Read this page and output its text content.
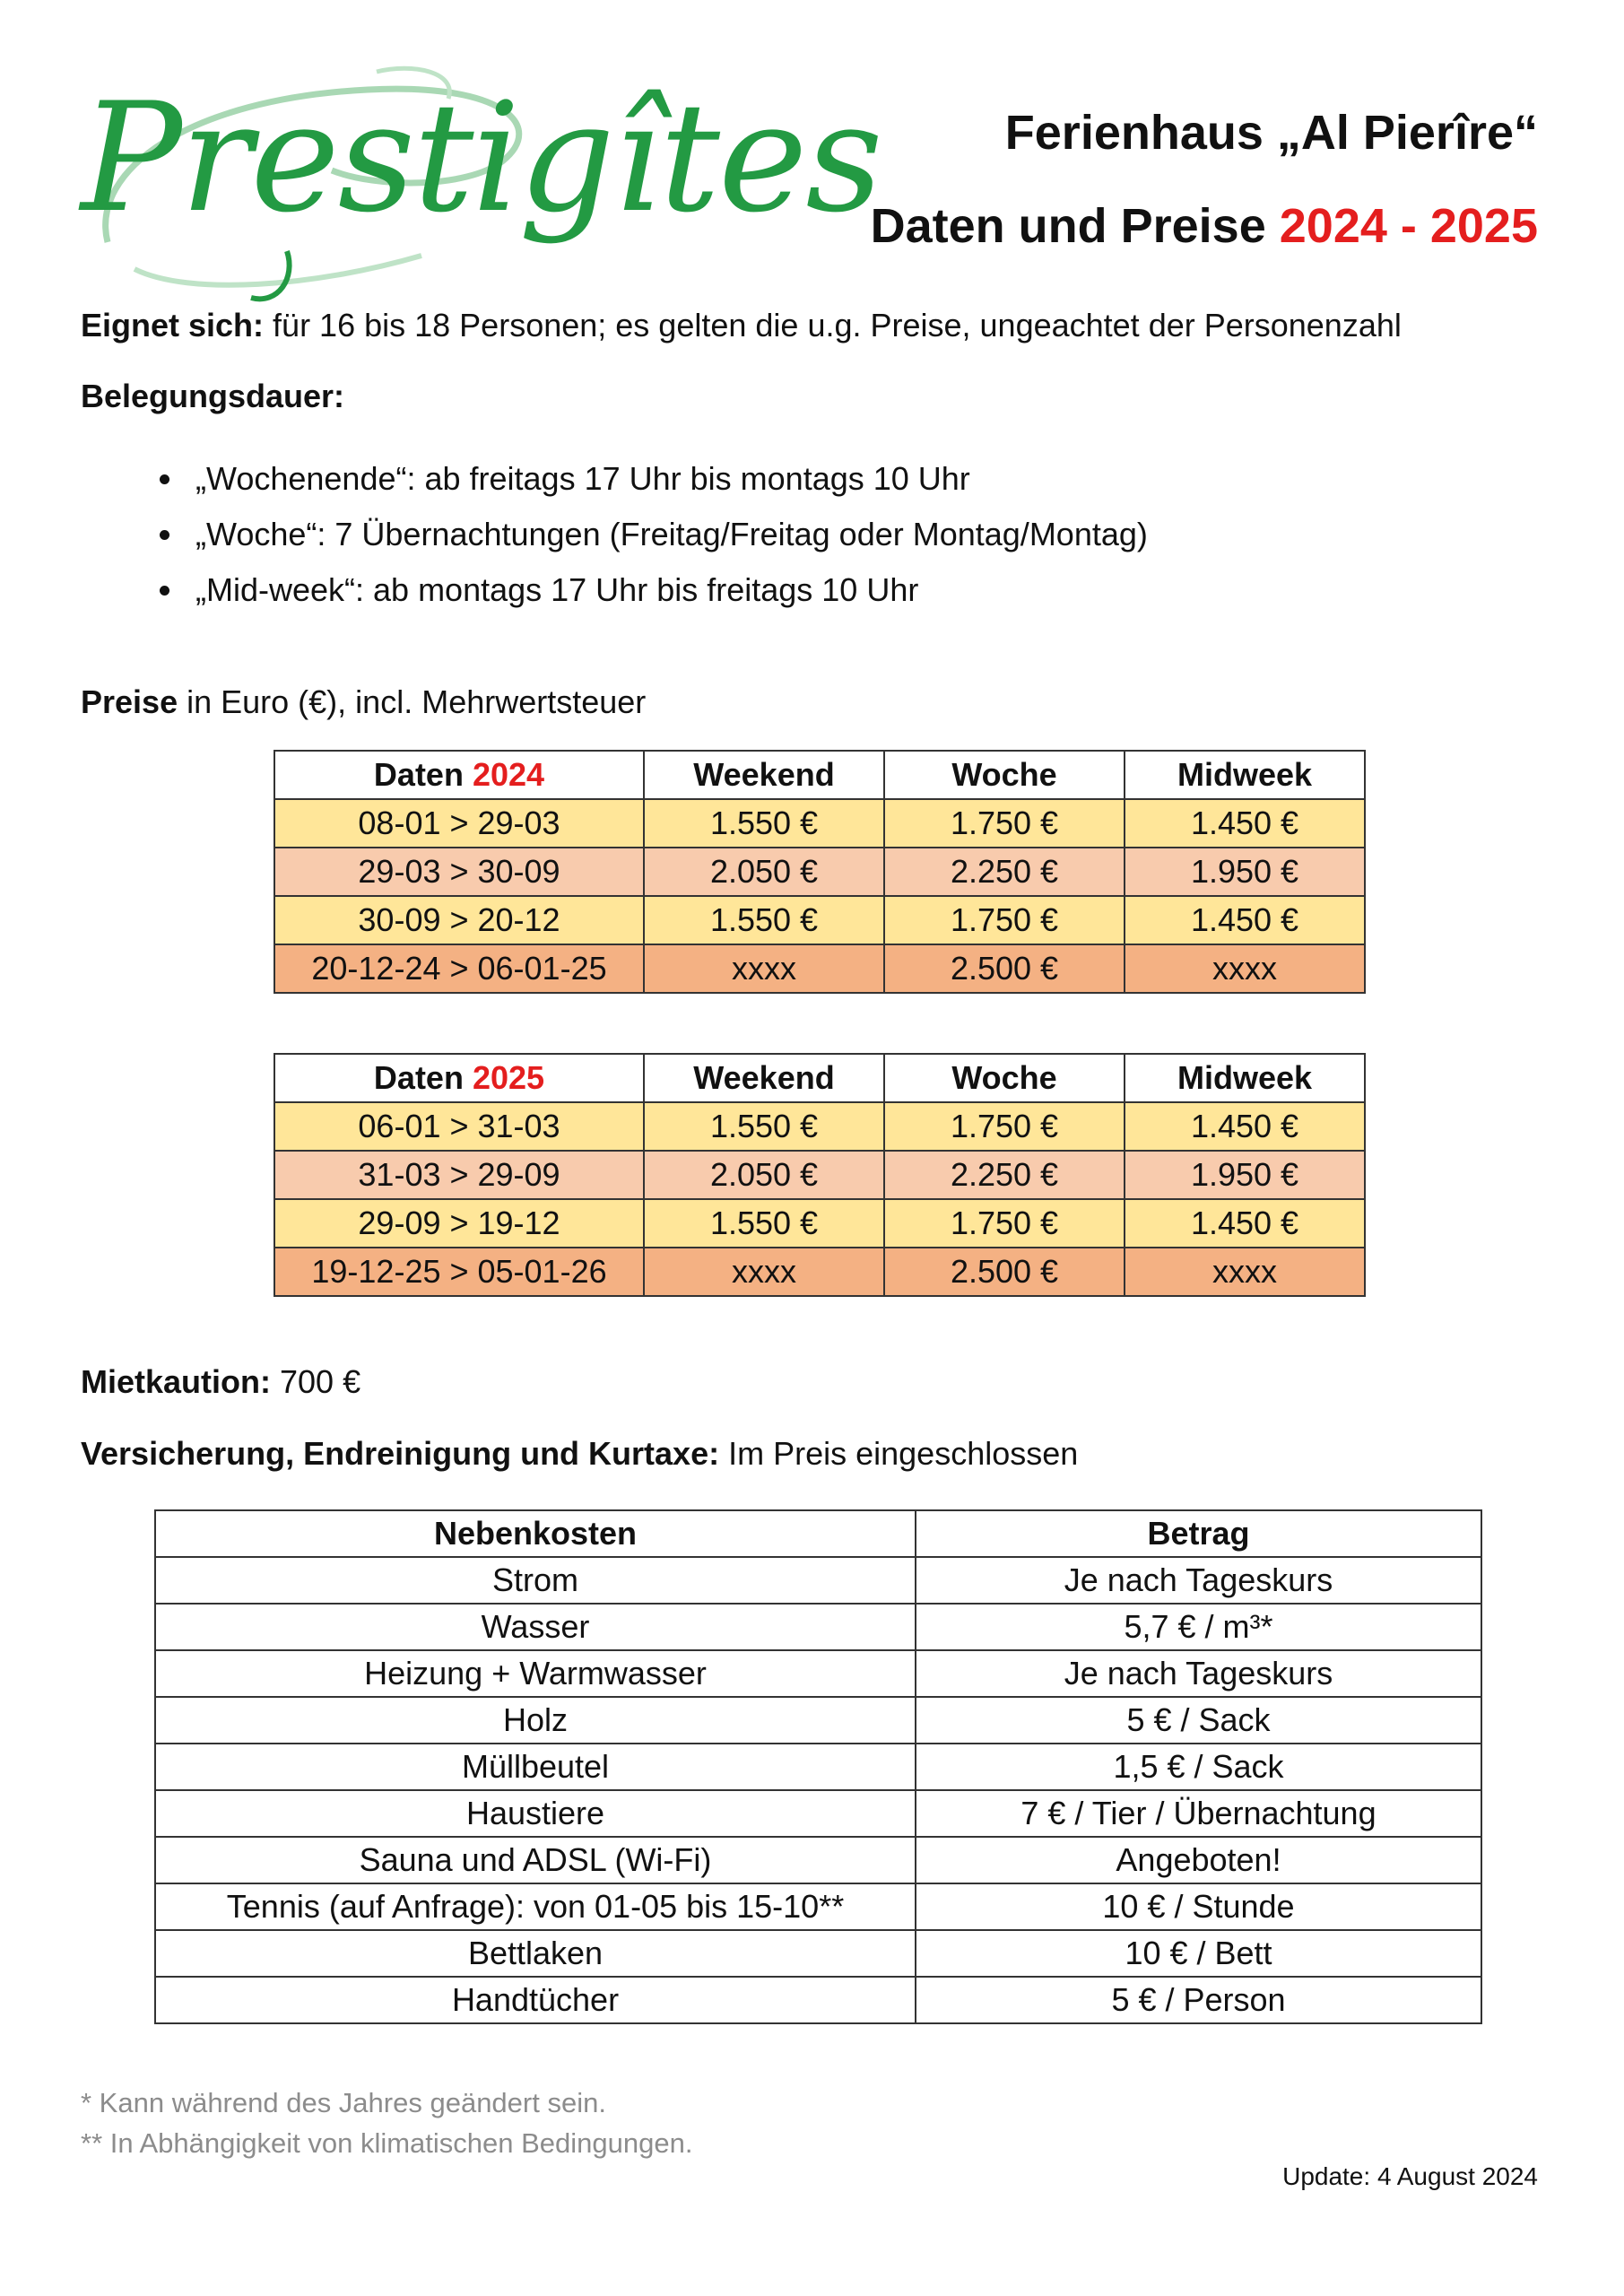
Prestigîtes	Ferienhaus „Al Pierîre“
Daten und Preise 2024 - 2025
Eignet sich: für 16 bis 18 Personen; es gelten die u.g. Preise, ungeachtet der Personenzahl
Belegungsdauer:
„Wochenende“: ab freitags 17 Uhr bis montags 10 Uhr
„Woche“: 7 Übernachtungen (Freitag/Freitag oder Montag/Montag)
„Mid-week“: ab montags 17 Uhr bis freitags 10 Uhr
Preise in Euro (€), incl. Mehrwertsteuer
Daten 2024	Weekend	Woche	Midweek
08-01 > 29-03	1.550 €	1.750 €	1.450 €
29-03 > 30-09	2.050 €	2.250 €	1.950 €
30-09 > 20-12	1.550 €	1.750 €	1.450 €
20-12-24 > 06-01-25	xxxx	2.500 €	xxxx
Daten 2025	Weekend	Woche	Midweek
06-01 > 31-03	1.550 €	1.750 €	1.450 €
31-03 > 29-09	2.050 €	2.250 €	1.950 €
29-09 > 19-12	1.550 €	1.750 €	1.450 €
19-12-25 > 05-01-26	xxxx	2.500 €	xxxx
Mietkaution: 700 €
Versicherung, Endreinigung und Kurtaxe: Im Preis eingeschlossen
Nebenkosten	Betrag
Strom	Je nach Tageskurs
Wasser	5,7 € / m³*
Heizung + Warmwasser	Je nach Tageskurs
Holz	5 € / Sack
Müllbeutel	1,5 € / Sack
Haustiere	7 € / Tier / Übernachtung
Sauna und ADSL (Wi-Fi)	Angeboten!
Tennis (auf Anfrage): von 01-05 bis 15-10**	10 € / Stunde
Bettlaken	10 € / Bett
Handtücher	5 € / Person
* Kann während des Jahres geändert sein.
** In Abhängigkeit von klimatischen Bedingungen.
Update: 4 August 2024
